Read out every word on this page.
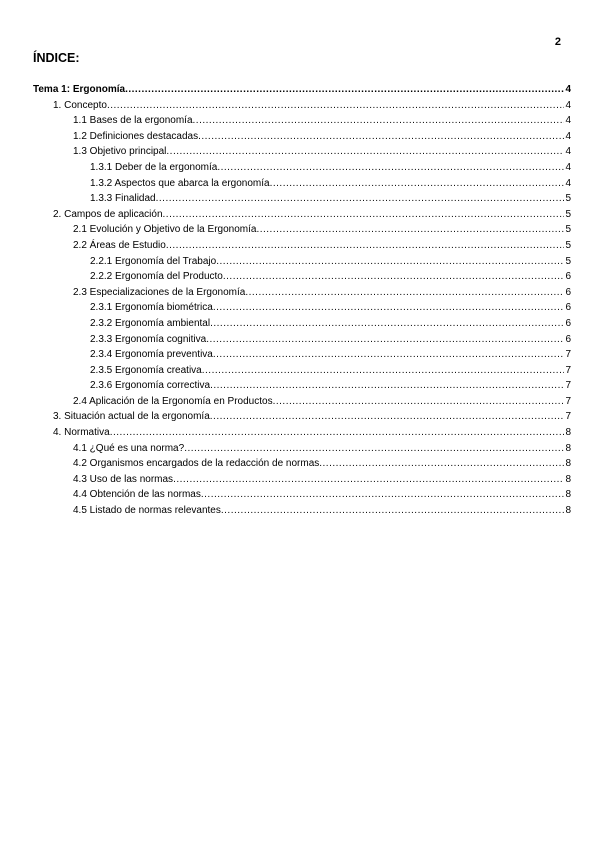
2
ÍNDICE:
Tema 1: Ergonomía .....	4
1. Concepto .....	4
1.1 Bases de la ergonomía .....	4
1.2 Definiciones destacadas .....	4
1.3 Objetivo principal .....	4
1.3.1 Deber de la ergonomía .....	4
1.3.2 Aspectos que abarca la ergonomía .....	4
1.3.3 Finalidad .....	5
2. Campos de aplicación .....	5
2.1 Evolución y Objetivo de la Ergonomía .....	5
2.2 Áreas de Estudio .....	5
2.2.1 Ergonomía del Trabajo .....	5
2.2.2 Ergonomía del Producto .....	6
2.3 Especializaciones de la Ergonomía .....	6
2.3.1 Ergonomía biométrica .....	6
2.3.2 Ergonomía ambiental .....	6
2.3.3 Ergonomía cognitiva .....	6
2.3.4 Ergonomía preventiva .....	7
2.3.5 Ergonomía creativa .....	7
2.3.6 Ergonomía correctiva .....	7
2.4 Aplicación de la Ergonomía en Productos .....	7
3. Situación actual de la ergonomía .....	7
4. Normativa .....	8
4.1 ¿Qué es una norma? .....	8
4.2 Organismos encargados de la redacción de normas .....	8
4.3 Uso de las normas .....	8
4.4 Obtención de las normas .....	8
4.5 Listado de normas relevantes .....	8
